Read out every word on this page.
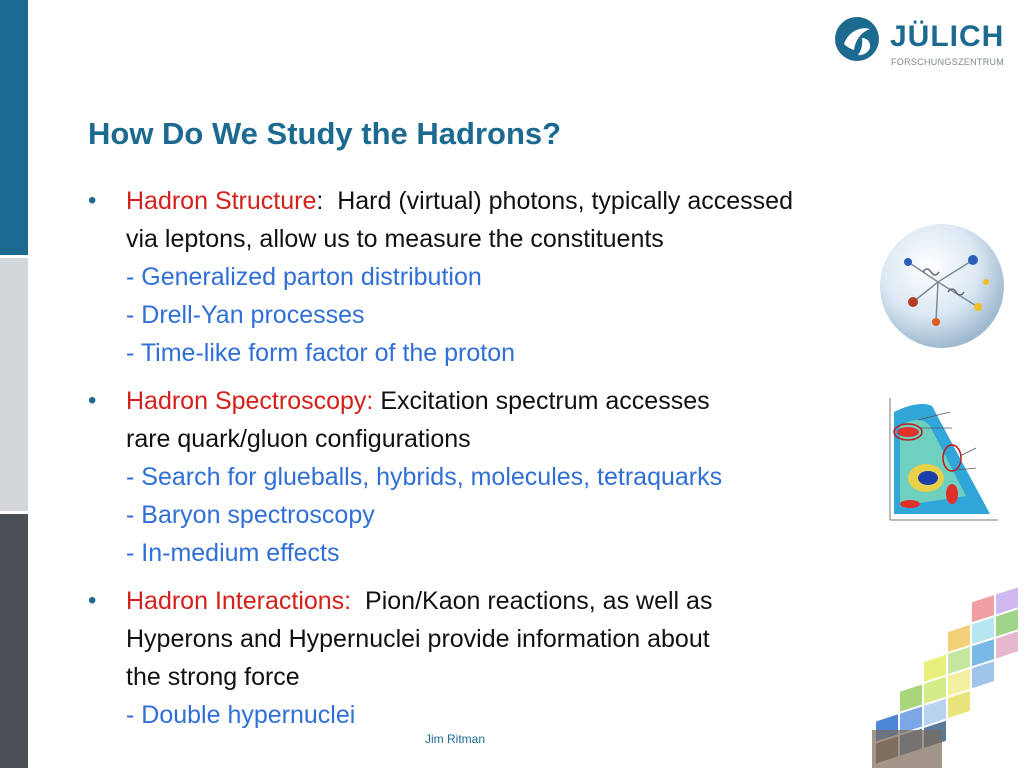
JÜLICH
FORSCHUNGSZENTRUM
How Do We Study the Hadrons?
• Hadron Structure:  Hard (virtual) photons, typically accessed
via leptons, allow us to measure the constituents
- Generalized parton distribution
- Drell-Yan processes
- Time-like form factor of the proton
• Hadron Spectroscopy: Excitation spectrum accesses
rare quark/gluon configurations
- Search for glueballs, hybrids, molecules, tetraquarks
- Baryon spectroscopy
- In-medium effects
• Hadron Interactions: Pion/Kaon reactions, as well as
Hyperons and Hypernuclei provide information about
the strong force
- Double hypernuclei
Jim Ritman
